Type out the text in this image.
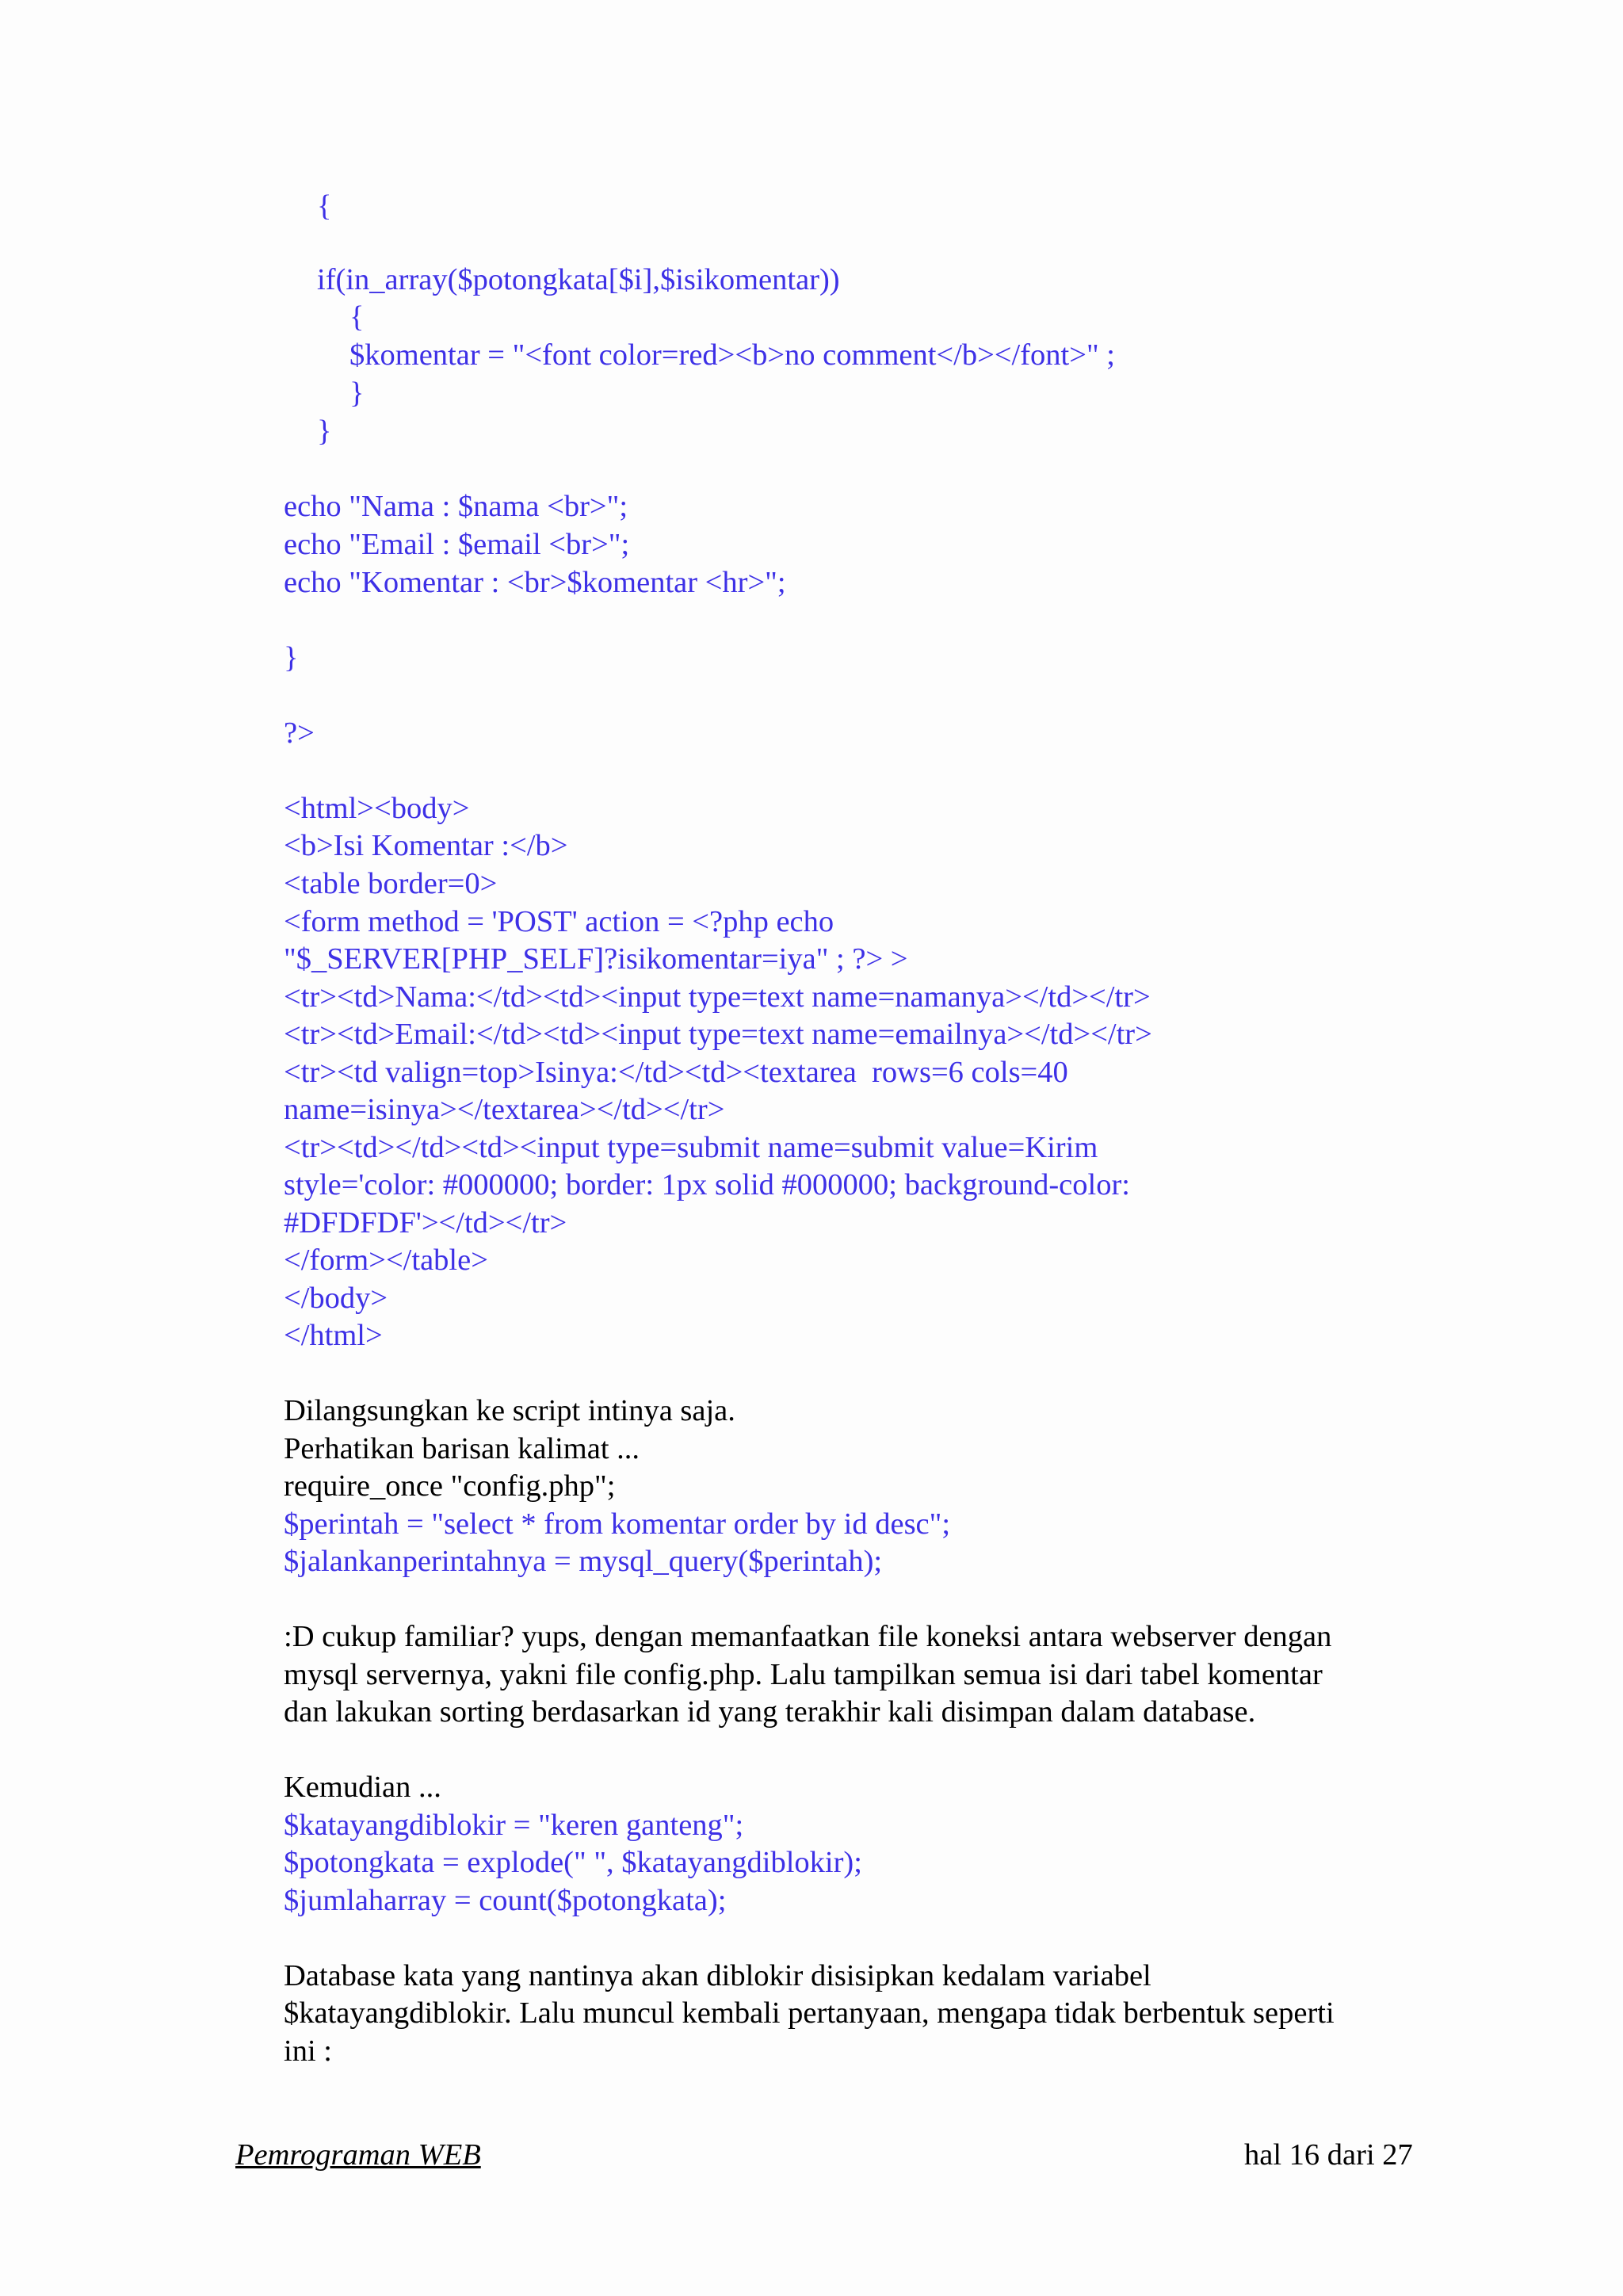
{

if(in_array($potongkata[$i],$isikomentar))

{

$komentar = "<font color=red><b>no comment</b></font>" ;

}

}

echo "Nama : $nama <br>";

echo "Email : $email <br>";

echo "Komentar : <br>$komentar <hr>";

}

?>

<html><body>

<b>Isi Komentar :</b>

<table border=0>

<form method = 'POST' action = <?php echo

"$_SERVER[PHP_SELF]?isikomentar=iya" ; ?> >

<tr><td>Nama:</td><td><input type=text name=namanya></td></tr>

<tr><td>Email:</td><td><input type=text name=emailnya></td></tr>

<tr><td valign=top>Isinya:</td><td><textarea  rows=6 cols=40

name=isinya></textarea></td></tr>

<tr><td></td><td><input type=submit name=submit value=Kirim

style='color: #000000; border: 1px solid #000000; background-color:

#DFDFDF'></td></tr>

</form></table>

</body>

</html>

Dilangsungkan ke script intinya saja.

Perhatikan barisan kalimat ...

require_once "config.php";

$perintah = "select * from komentar order by id desc";

$jalankanperintahnya = mysql_query($perintah);

:D cukup familiar? yups, dengan memanfaatkan file koneksi antara webserver dengan

mysql servernya, yakni file config.php. Lalu tampilkan semua isi dari tabel komentar

dan lakukan sorting berdasarkan id yang terakhir kali disimpan dalam database.

Kemudian ...

$katayangdiblokir = "keren ganteng";

$potongkata = explode(" ", $katayangdiblokir);

$jumlaharray = count($potongkata);

Database kata yang nantinya akan diblokir disisipkan kedalam variabel

$katayangdiblokir. Lalu muncul kembali pertanyaan, mengapa tidak berbentuk seperti

ini :

Pemrograman WEB	hal 16 dari 27
